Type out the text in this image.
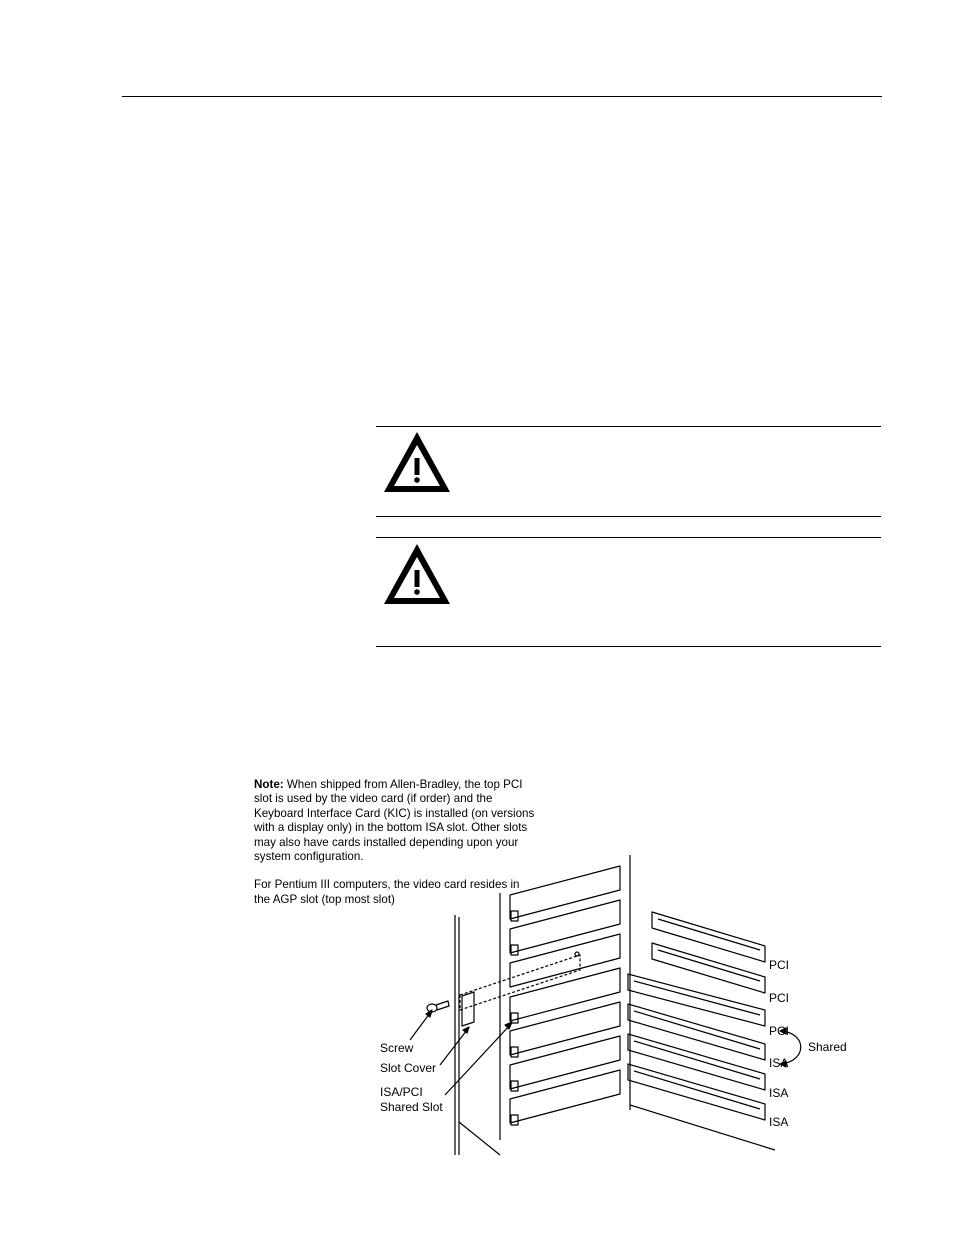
Note: When shipped from Allen-Bradley, the top PCI

slot is used by the video card (if order) and the

Keyboard Interface Card (KIC) is installed (on versions

with a display only) in the bottom ISA slot. Other slots

may also have cards installed depending upon your

system configuration.

For Pentium III computers, the video card resides in

the AGP slot (top most slot)

Screw
Slot Cover
ISA/PCI
Shared Slot
Shared
PCI
PCI
PCI
ISA
ISA
ISA
